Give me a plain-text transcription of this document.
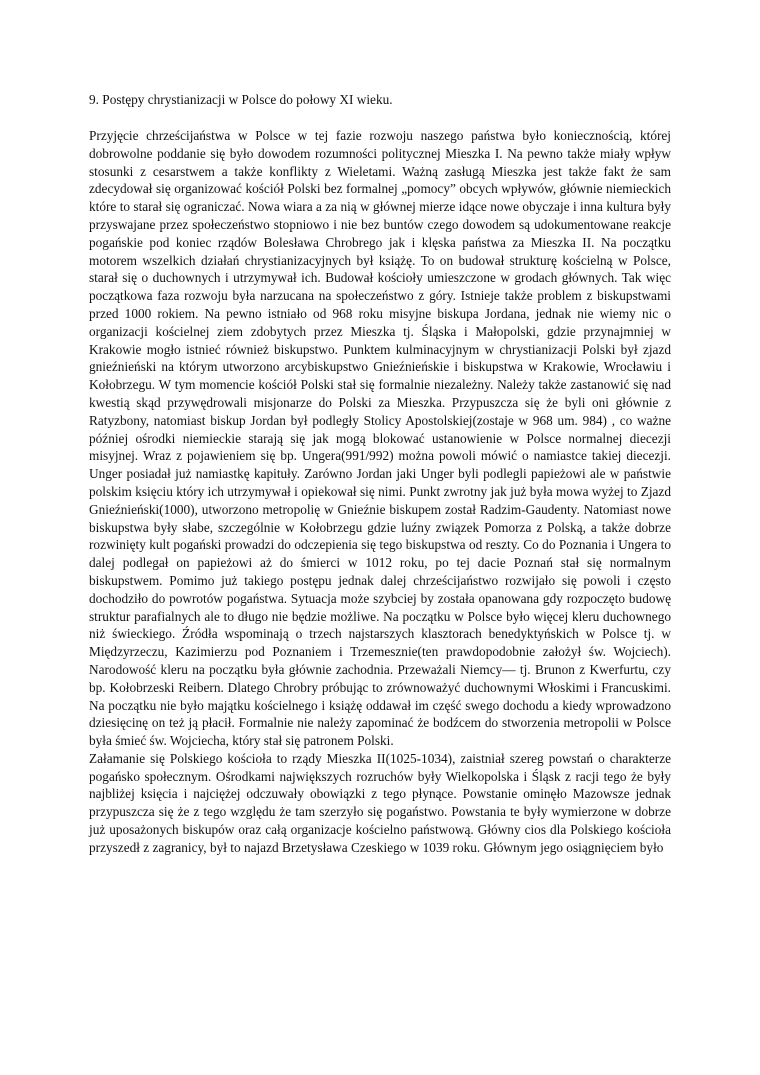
9. Postępy chrystianizacji w Polsce do połowy XI wieku.

Przyjęcie chrześcijaństwa w Polsce w tej fazie rozwoju naszego państwa było koniecznością, której dobrowolne poddanie się było dowodem rozumności politycznej Mieszka I. Na pewno także miały wpływ stosunki z cesarstwem a także konflikty z Wieletami. Ważną zasługą Mieszka jest także fakt że sam zdecydował się organizować kościół Polski bez formalnej „pomocy” obcych wpływów, głównie niemieckich które to starał się ograniczać. Nowa wiara a za nią w głównej mierze idące nowe obyczaje i inna kultura były przyswajane przez społeczeństwo stopniowo i nie bez buntów czego dowodem są udokumentowane reakcje pogańskie pod koniec rządów Bolesława Chrobrego jak i klęska państwa za Mieszka II. Na początku motorem wszelkich działań chrystianizacyjnych był książę. To on budował strukturę kościelną w Polsce, starał się o duchownych i utrzymywał ich. Budował kościoły umieszczone w grodach głównych. Tak więc początkowa faza rozwoju była narzucana na społeczeństwo z góry. Istnieje także problem z biskupstwami przed 1000 rokiem. Na pewno istniało od 968 roku misyjne biskupa Jordana, jednak nie wiemy nic o organizacji kościelnej ziem zdobytych przez Mieszka tj. Śląska i Małopolski, gdzie przynajmniej w Krakowie mogło istnieć również biskupstwo. Punktem kulminacyjnym w chrystianizacji Polski był zjazd gnieźnieński na którym utworzono arcybiskupstwo Gnieźnieńskie i biskupstwa w Krakowie, Wrocławiu i Kołobrzegu. W tym momencie kościół Polski stał się formalnie niezależny. Należy także zastanowić się nad kwestią skąd przywędrowali misjonarze do Polski za Mieszka. Przypuszcza się że byli oni głównie z Ratyzbony, natomiast biskup Jordan był podległy Stolicy Apostolskiej(zostaje w 968 um. 984) , co ważne później ośrodki niemieckie starają się jak mogą blokować ustanowienie w Polsce normalnej diecezji misyjnej. Wraz z pojawieniem się bp. Ungera(991/992) można powoli mówić o namiastce takiej diecezji. Unger posiadał już namiastkę kapituły. Zarówno Jordan jaki Unger byli podlegli papieżowi ale w państwie polskim księciu który ich utrzymywał i opiekował się nimi. Punkt zwrotny jak już była mowa wyżej to Zjazd Gnieźnieński(1000), utworzono metropolię w Gnieźnie biskupem został Radzim-Gaudenty. Natomiast nowe biskupstwa były słabe, szczególnie w Kołobrzegu gdzie luźny związek Pomorza z Polską, a także dobrze rozwinięty kult pogański prowadzi do odczepienia się tego biskupstwa od reszty. Co do Poznania i Ungera to dalej podlegał on papieżowi aż do śmierci w 1012 roku, po tej dacie Poznań stał się normalnym biskupstwem. Pomimo już takiego postępu jednak dalej chrześcijaństwo rozwijało się powoli i często dochodziło do powrotów pogaństwa. Sytuacja może szybciej by została opanowana gdy rozpoczęto budowę struktur parafialnych ale to długo nie będzie możliwe. Na początku w Polsce było więcej kleru duchownego niż świeckiego. Źródła wspominają o trzech najstarszych klasztorach benedyktyńskich w Polsce tj. w Międzyrzeczu, Kazimierzu pod Poznaniem i Trzemesznie(ten prawdopodobnie założył św. Wojciech). Narodowość kleru na początku była głównie zachodnia. Przeważali Niemcy— tj. Brunon z Kwerfurtu, czy bp. Kołobrzeski Reibern. Dlatego Chrobry próbując to zrównoważyć duchownymi Włoskimi i Francuskimi. Na początku nie było majątku kościelnego i książę oddawał im część swego dochodu a kiedy wprowadzono dziesięcinę on też ją płacił. Formalnie nie należy zapominać że bodźcem do stworzenia metropolii w Polsce była śmieć św. Wojciecha, który stał się patronem Polski.

Załamanie się Polskiego kościoła to rządy Mieszka II(1025-1034), zaistniał szereg powstań o charakterze pogańsko społecznym. Ośrodkami największych rozruchów były Wielkopolska i Śląsk z racji tego że były najbliżej księcia i najciężej odczuwały obowiązki z tego płynące. Powstanie ominęło Mazowsze jednak przypuszcza się że z tego względu że tam szerzyło się pogaństwo. Powstania te były wymierzone w dobrze już uposażonych biskupów oraz całą organizacje kościelno państwową. Główny cios dla Polskiego kościoła przyszedł z zagranicy, był to najazd Brzetysława Czeskiego w 1039 roku. Głównym jego osiągnięciem było
